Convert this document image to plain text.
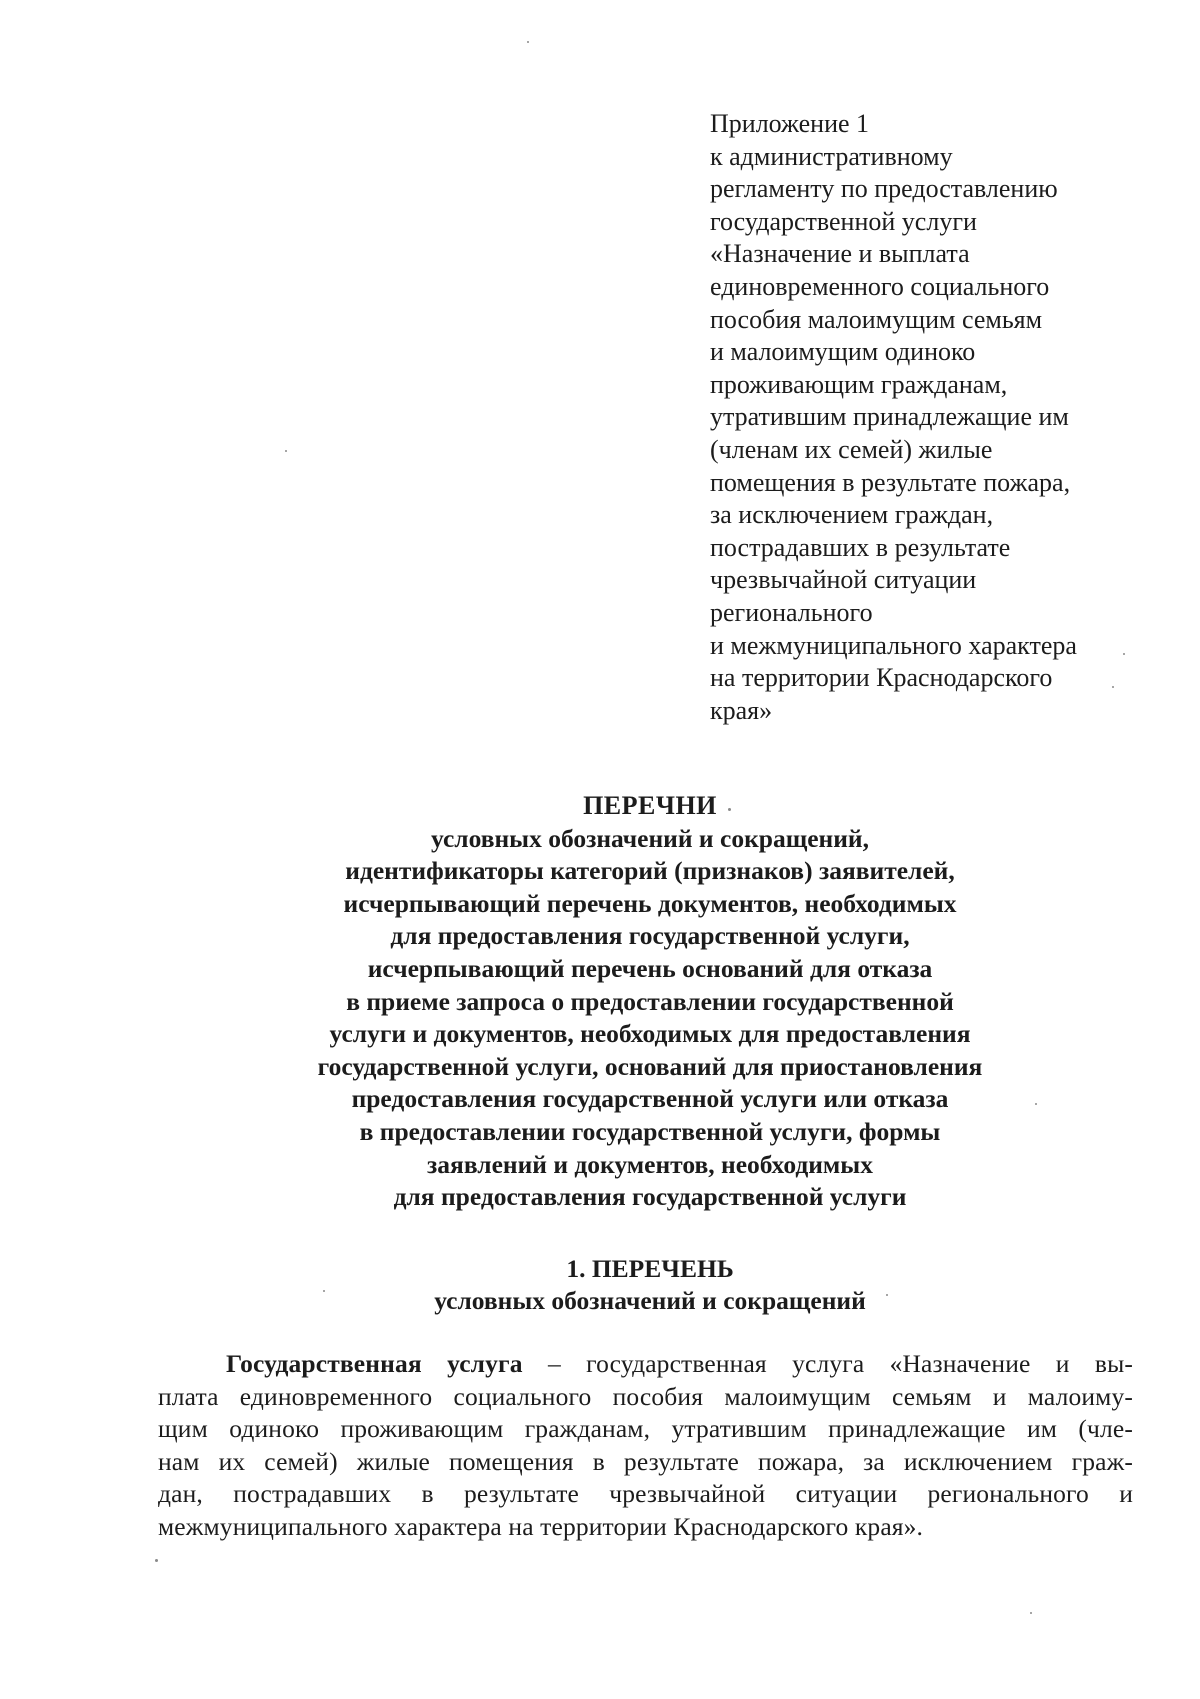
Приложение 1
к административному
регламенту по предоставлению
государственной услуги
«Назначение и выплата
единовременного социального
пособия малоимущим семьям
и малоимущим одиноко
проживающим гражданам,
утратившим принадлежащие им
(членам их семей) жилые
помещения в результате пожара,
за исключением граждан,
пострадавших в результате
чрезвычайной ситуации
регионального
и межмуниципального характера
на территории Краснодарского
края»
ПЕРЕЧНИ
условных обозначений и сокращений,
идентификаторы категорий (признаков) заявителей,
исчерпывающий перечень документов, необходимых
для предоставления государственной услуги,
исчерпывающий перечень оснований для отказа
в приеме запроса о предоставлении государственной
услуги и документов, необходимых для предоставления
государственной услуги, оснований для приостановления
предоставления государственной услуги или отказа
в предоставлении государственной услуги, формы
заявлений и документов, необходимых
для предоставления государственной услуги
1. ПЕРЕЧЕНЬ
условных обозначений и сокращений
Государственная услуга – государственная услуга «Назначение и вы-
плата единовременного социального пособия малоимущим семьям и малоиму-
щим одиноко проживающим гражданам, утратившим принадлежащие им (чле-
нам их семей) жилые помещения в результате пожара, за исключением граж-
дан, пострадавших в результате чрезвычайной ситуации регионального и
межмуниципального характера на территории Краснодарского края».
